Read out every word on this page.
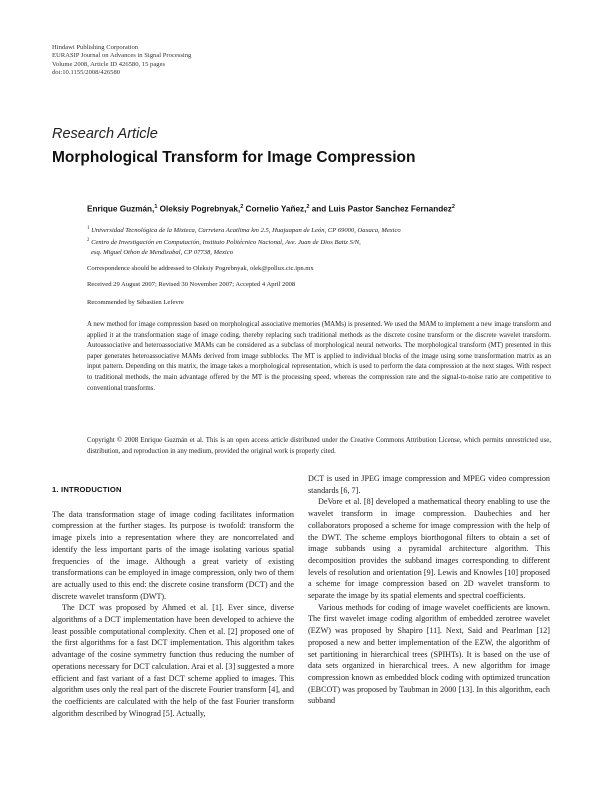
Hindawi Publishing Corporation
EURASIP Journal on Advances in Signal Processing
Volume 2008, Article ID 426580, 15 pages
doi:10.1155/2008/426580
Research Article
Morphological Transform for Image Compression
Enrique Guzmán,$^1$ Oleksiy Pogrebnyak,$^2$ Cornelio Yañez,$^2$ and Luis Pastor Sanchez Fernandez$^2$
$^1$ Universidad Tecnológica de la Mixteca, Carretera Acatlima km 2.5, Huajuapan de León, CP 69000, Oaxaca, Mexico
$^2$ Centro de Investigación en Computación, Instituto Politécnico Nacional, Ave. Juan de Dios Batiz S/N,
esq. Miguel Othon de Mendizabal, CP 07738, Mexico
Correspondence should be addressed to Oleksiy Pogrebnyak, olek@pollux.cic.ipn.mx
Received 29 August 2007; Revised 30 November 2007; Accepted 4 April 2008
Recommended by Sébastien Lefevre
A new method for image compression based on morphological associative memories (MAMs) is presented. We used the MAM to implement a new image transform and applied it at the transformation stage of image coding, thereby replacing such traditional methods as the discrete cosine transform or the discrete wavelet transform. Autoassociative and heteroassociative MAMs can be considered as a subclass of morphological neural networks. The morphological transform (MT) presented in this paper generates heteroassociative MAMs derived from image subblocks. The MT is applied to individual blocks of the image using some transformation matrix as an input pattern. Depending on this matrix, the image takes a morphological representation, which is used to perform the data compression at the next stages. With respect to traditional methods, the main advantage offered by the MT is the processing speed, whereas the compression rate and the signal-to-noise ratio are competitive to conventional transforms.
Copyright © 2008 Enrique Guzmán et al. This is an open access article distributed under the Creative Commons Attribution License, which permits unrestricted use, distribution, and reproduction in any medium, provided the original work is properly cited.
1. INTRODUCTION

The data transformation stage of image coding facilitates information compression at the further stages. Its purpose is twofold: transform the image pixels into a representation where they are noncorrelated and identify the less important parts of the image isolating various spatial frequencies of the image. Although a great variety of existing transformations can be employed in image compression, only two of them are actually used to this end: the discrete cosine transform (DCT) and the discrete wavelet transform (DWT).

The DCT was proposed by Ahmed et al. [1]. Ever since, diverse algorithms of a DCT implementation have been developed to achieve the least possible computational complexity. Chen et al. [2] proposed one of the first algorithms for a fast DCT implementation. This algorithm takes advantage of the cosine symmetry function thus reducing the number of operations necessary for DCT calculation. Arai et al. [3] suggested a more efficient and fast variant of a fast DCT scheme applied to images. This algorithm uses only the real part of the discrete Fourier transform [4], and the coefficients are calculated with the help of the fast Fourier transform algorithm described by Winograd [5]. Actually,

DCT is used in JPEG image compression and MPEG video compression standards [6, 7].

DeVore et al. [8] developed a mathematical theory enabling to use the wavelet transform in image compression. Daubechies and her collaborators proposed a scheme for image compression with the help of the DWT. The scheme employs biorthogonal filters to obtain a set of image subbands using a pyramidal architecture algorithm. This decomposition provides the subband images corresponding to different levels of resolution and orientation [9]. Lewis and Knowles [10] proposed a scheme for image compression based on 2D wavelet transform to separate the image by its spatial elements and spectral coefficients.

Various methods for coding of image wavelet coefficients are known. The first wavelet image coding algorithm of embedded zerotree wavelet (EZW) was proposed by Shapiro [11]. Next, Said and Pearlman [12] proposed a new and better implementation of the EZW, the algorithm of set partitioning in hierarchical trees (SPIHTs). It is based on the use of data sets organized in hierarchical trees. A new algorithm for image compression known as embedded block coding with optimized truncation (EBCOT) was proposed by Taubman in 2000 [13]. In this algorithm, each subband
